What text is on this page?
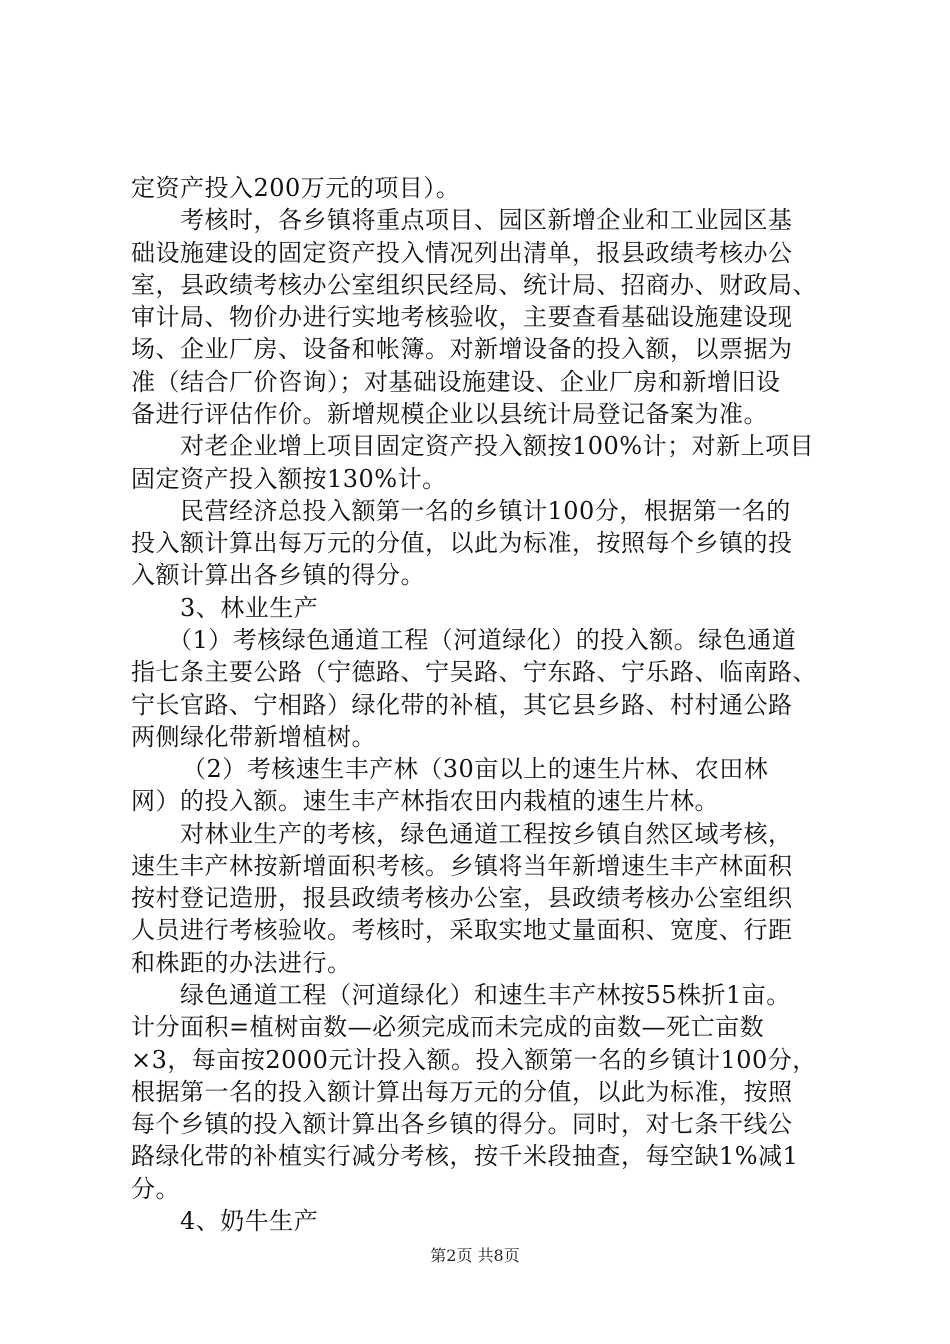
定资产投入200万元的项目）。
考核时，各乡镇将重点项目、园区新增企业和工业园区基
础设施建设的固定资产投入情况列出清单，报县政绩考核办公
室，县政绩考核办公室组织民经局、统计局、招商办、财政局、
审计局、物价办进行实地考核验收，主要查看基础设施建设现
场、企业厂房、设备和帐簿。对新增设备的投入额，以票据为
准（结合厂价咨询）；对基础设施建设、企业厂房和新增旧设
备进行评估作价。新增规模企业以县统计局登记备案为准。
对老企业增上项目固定资产投入额按100%计；对新上项目
固定资产投入额按130%计。
民营经济总投入额第一名的乡镇计100分，根据第一名的
投入额计算出每万元的分值，以此为标准，按照每个乡镇的投
入额计算出各乡镇的得分。
3、林业生产
（1）考核绿色通道工程（河道绿化）的投入额。绿色通道
指七条主要公路（宁德路、宁吴路、宁东路、宁乐路、临南路、
宁长官路、宁相路）绿化带的补植，其它县乡路、村村通公路
两侧绿化带新增植树。
（2）考核速生丰产林（30亩以上的速生片林、农田林
网）的投入额。速生丰产林指农田内栽植的速生片林。
对林业生产的考核，绿色通道工程按乡镇自然区域考核，
速生丰产林按新增面积考核。乡镇将当年新增速生丰产林面积
按村登记造册，报县政绩考核办公室，县政绩考核办公室组织
人员进行考核验收。考核时，采取实地丈量面积、宽度、行距
和株距的办法进行。
绿色通道工程（河道绿化）和速生丰产林按55株折1亩。
计分面积=植树亩数—必须完成而未完成的亩数—死亡亩数
×3，每亩按2000元计投入额。投入额第一名的乡镇计100分，
根据第一名的投入额计算出每万元的分值，以此为标准，按照
每个乡镇的投入额计算出各乡镇的得分。同时，对七条干线公
路绿化带的补植实行减分考核，按千米段抽查，每空缺1%减1
分。
4、奶牛生产
第2页 共8页
